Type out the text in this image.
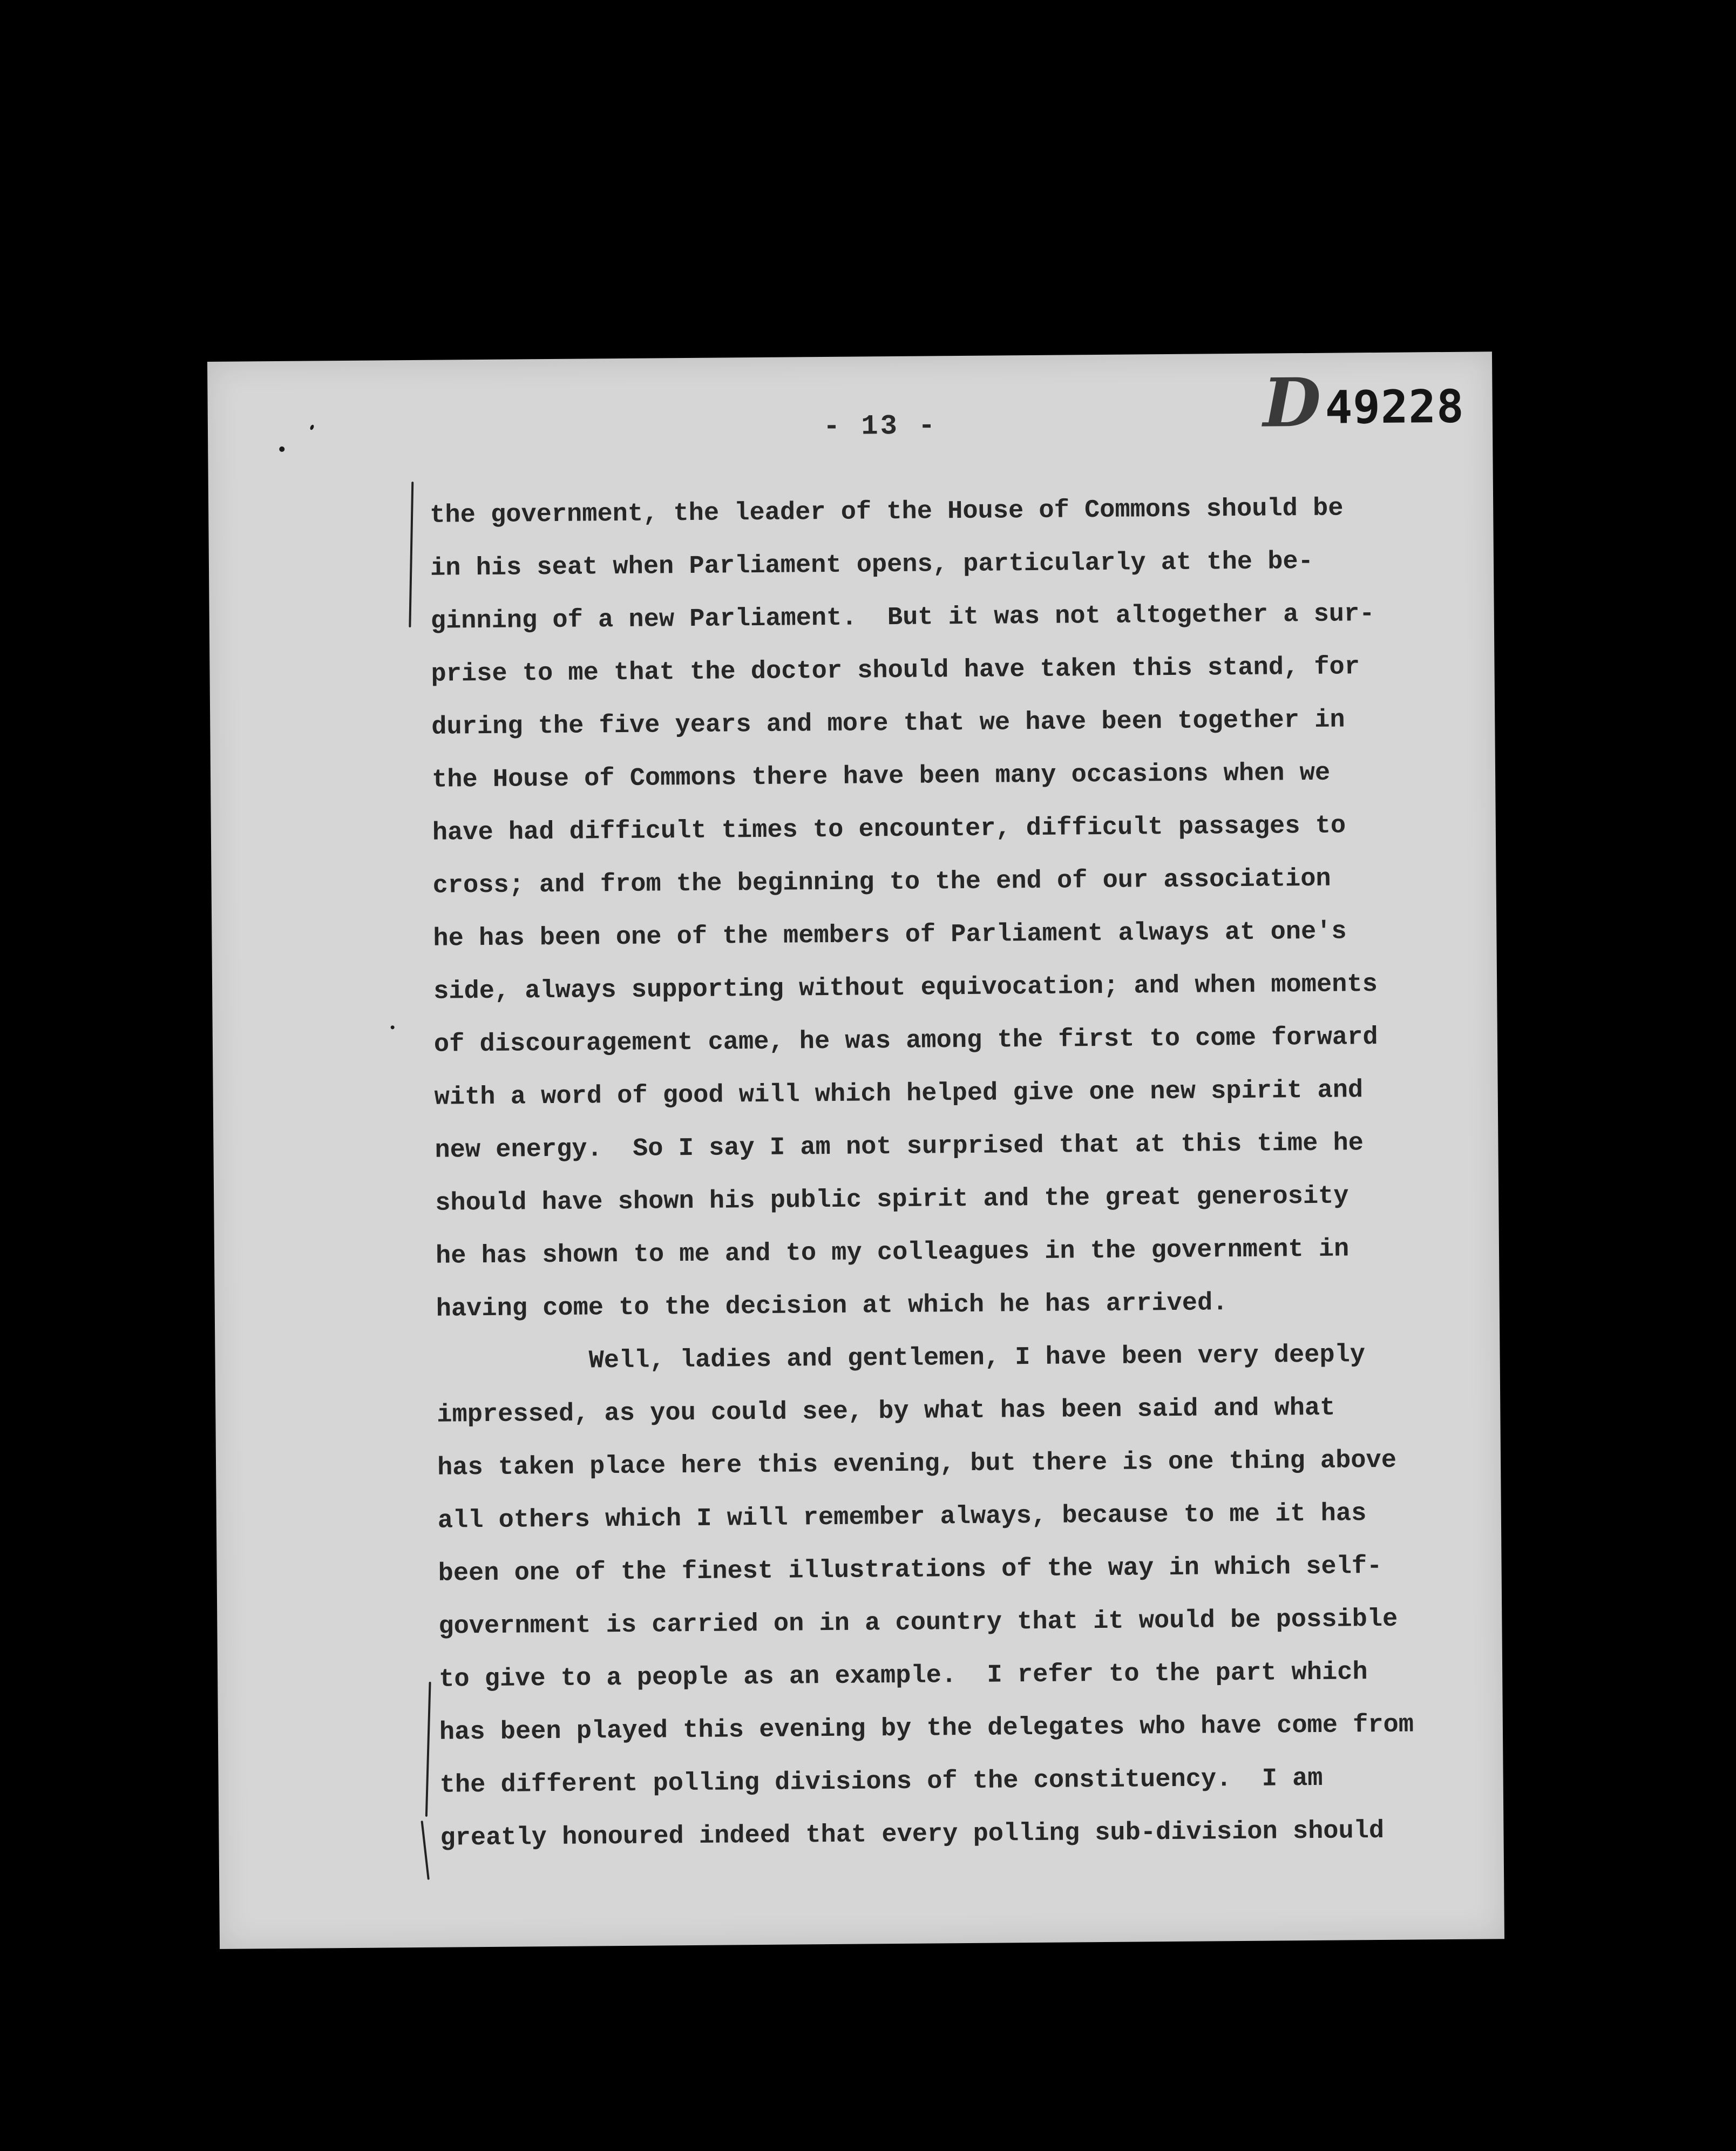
- 13 -	D 49228
the government, the leader of the House of Commons should be
in his seat when Parliament opens, particularly at the be-
ginning of a new Parliament.  But it was not altogether a sur-
prise to me that the doctor should have taken this stand, for
during the five years and more that we have been together in
the House of Commons there have been many occasions when we
have had difficult times to encounter, difficult passages to
cross; and from the beginning to the end of our association
he has been one of the members of Parliament always at one's
side, always supporting without equivocation; and when moments
of discouragement came, he was among the first to come forward
with a word of good will which helped give one new spirit and
new energy.  So I say I am not surprised that at this time he
should have shown his public spirit and the great generosity
he has shown to me and to my colleagues in the government in
having come to the decision at which he has arrived.
Well, ladies and gentlemen, I have been very deeply
impressed, as you could see, by what has been said and what
has taken place here this evening, but there is one thing above
all others which I will remember always, because to me it has
been one of the finest illustrations of the way in which self-
government is carried on in a country that it would be possible
to give to a people as an example.  I refer to the part which
has been played this evening by the delegates who have come from
the different polling divisions of the constituency.  I am
greatly honoured indeed that every polling sub-division should
